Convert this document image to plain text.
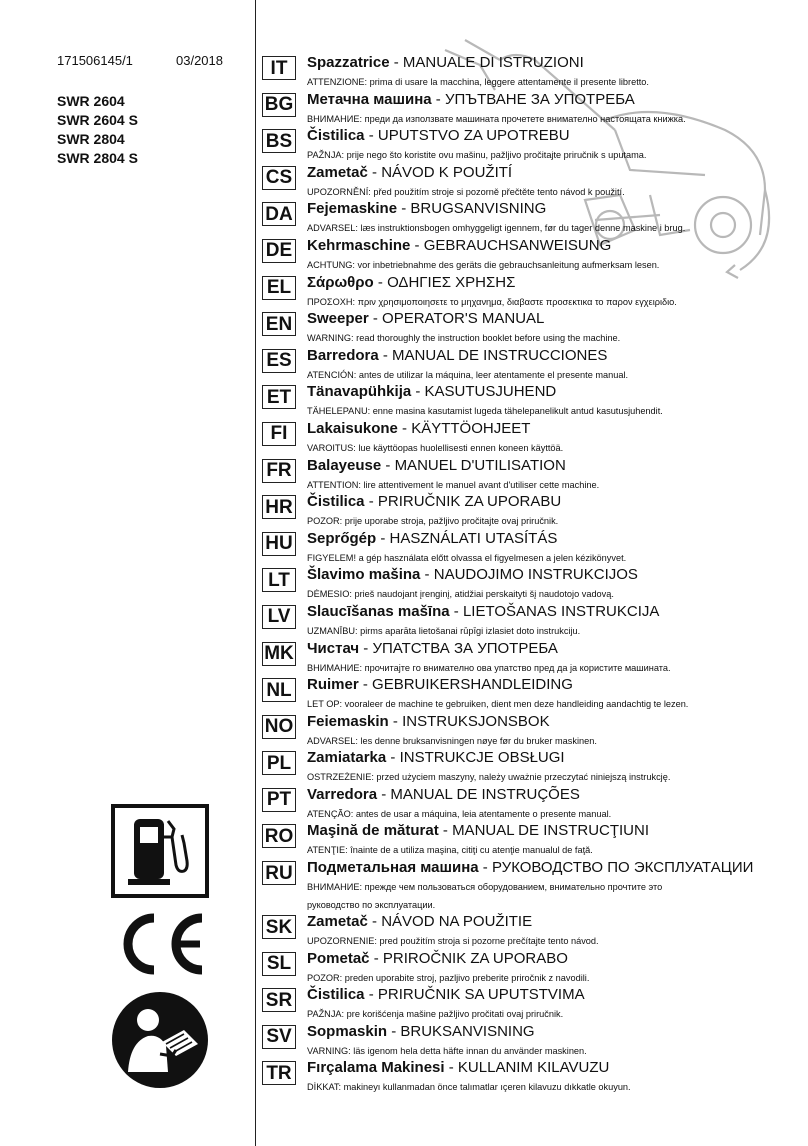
171506145/1	03/2018
SWR 2604
SWR 2604 S
SWR 2804
SWR 2804 S
IT	Spazzatrice - MANUALE DI ISTRUZIONI
ATTENZIONE: prima di usare la macchina, leggere attentamente il presente libretto.
BG Метачна машина - УПЪТВАНЕ ЗА УПОТРЕБА
ВНИМАНИЕ: преди да използвате машината прочетете внимателно настоящата книжка.
BS Čistilica - UPUTSTVO ZA UPOTREBU
PAŽNJA: prije nego što koristite ovu mašinu, pažljivo pročitajte priručnik s uputama.
CS Zametač - NÁVOD K POUŽITÍ
UPOZORNĚNÍ: před použitím stroje si pozorně přečtěte tento návod k použití.
DA Fejemaskine - BRUGSANVISNING
ADVARSEL: læs instruktionsbogen omhyggeligt igennem, før du tager denne maskine i brug.
DE Kehrmaschine - GEBRAUCHSANWEISUNG
ACHTUNG: vor inbetriebnahme des geräts die gebrauchsanleitung aufmerksam lesen.
EL	Σάρωθρο - ΟΔΗΓΙΕΣ ΧΡΗΣΗΣ
ΠΡΟΣΟΧΗ: πριν χρησιμοποιησετε το μηχανημα, διαβαστε προσεκτικα το παρον εγχειριδιο.
EN Sweeper - OPERATOR'S MANUAL
WARNING: read thoroughly the instruction booklet before using the machine.
ES Barredora - MANUAL DE INSTRUCCIONES
ATENCIÓN: antes de utilizar la máquina, leer atentamente el presente manual.
ET	Tänavapühkija - KASUTUSJUHEND
TÄHELEPANU: enne masina kasutamist lugeda tähelepanelikult antud kasutusjuhendit.
FI	Lakaisukone - KÄYTTÖOHJEET
VAROITUS: lue käyttöopas huolellisesti ennen koneen käyttöä.
FR Balayeuse - MANUEL D'UTILISATION
ATTENTION: lire attentivement le manuel avant d'utiliser cette machine.
HR Čistilica - PRIRUČNIK ZA UPORABU
POZOR: prije uporabe stroja, pažljivo pročitajte ovaj priručnik.
HU Seprőgép - HASZNÁLATI UTASÍTÁS
FIGYELEM! a gép használata előtt olvassa el figyelmesen a jelen kézikönyvet.
LT	Šlavimo mašina - NAUDOJIMO INSTRUKCIJOS
DĖMESIO: prieš naudojant įrenginį, atidžiai perskaityti šį naudotojo vadovą.
LV	Slaucīšanas mašīna - LIETOŠANAS INSTRUKCIJA
UZMANĪBU: pirms aparāta lietošanai rūpīgi izlasiet doto instrukciju.
MK Чистач - УПАТСТВА ЗА УПОТРЕБА
ВНИМАНИЕ: прочитајте го внимателно ова упатство пред да ја користите машината.
NL Ruimer - GEBRUIKERSHANDLEIDING
LET OP: vooraleer de machine te gebruiken, dient men deze handleiding aandachtig te lezen.
NO Feiemaskin - INSTRUKSJONSBOK
ADVARSEL: les denne bruksanvisningen nøye før du bruker maskinen.
PL	Zamiatarka - INSTRUKCJE OBSŁUGI
OSTRZEŻENIE: przed użyciem maszyny, należy uważnie przeczytać niniejszą instrukcję.
PT	Varredora - MANUAL DE INSTRUÇÕES
ATENÇÃO: antes de usar a máquina, leia atentamente o presente manual.
RO Maşină de măturat - MANUAL DE INSTRUCŢIUNI
ATENŢIE: înainte de a utiliza maşina, citiţi cu atenţie manualul de faţă.
RU Подметальная машина - РУКОВОДСТВО ПО ЭКСПЛУАТАЦИИ
ВНИМАНИЕ: прежде чем пользоваться оборудованием, внимательно прочтите это
руководство по эксплуатации.
SK Zametač - NÁVOD NA POUŽITIE
UPOZORNENIE: pred použitím stroja si pozorne prečítajte tento návod.
SL	Pometač - PRIROČNIK ZA UPORABO
POZOR: preden uporabite stroj, pazljivo preberite priročnik z navodili.
SR Čistilica - PRIRUČNIK SA UPUTSTVIMA
PAŽNJA: pre korišćenja mašine pažljivo pročitati ovaj priručnik.
SV Sopmaskin - BRUKSANVISNING
VARNING: läs igenom hela detta häfte innan du använder maskinen.
TR Fırçalama Makinesi - KULLANIM KILAVUZU
DİKKAT: makineyı kullanmadan önce talımatlar ıçeren kilavuzu dıkkatle okuyun.
